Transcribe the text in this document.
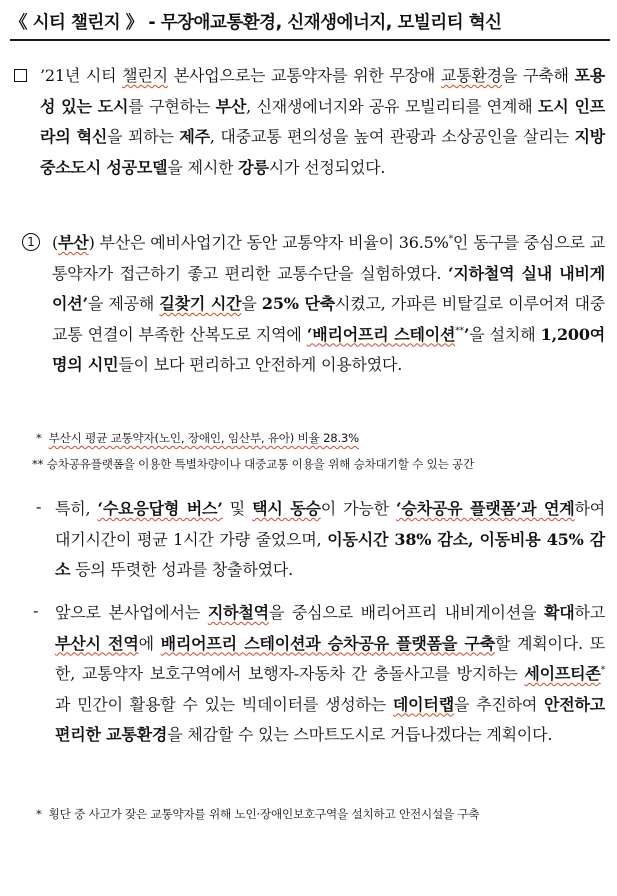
《 시티 챌린지 》 - 무장애교통환경, 신재생에너지, 모빌리티 혁신
’21년 시티 챌린지 본사업으로는 교통약자를 위한 무장애 교통환경을 구축해 포용성 있는 도시를 구현하는 부산, 신재생에너지와 공유 모빌리티를 연계해 도시 인프라의 혁신을 꾀하는 제주, 대중교통 편의성을 높여 관광과 소상공인을 살리는 지방중소도시 성공모델을 제시한 강릉시가 선정되었다.
1	(부산) 부산은 예비사업기간 동안 교통약자 비율이 36.5%*인 동구를 중심으로 교통약자가 접근하기 좋고 편리한 교통수단을 실험하였다. ‘지하철역 실내 내비게이션’을 제공해 길찾기 시간을 25% 단축시켰고, 가파른 비탈길로 이루어져 대중교통 연결이 부족한 산복도로 지역에 ‘배리어프리 스테이션**’을 설치해 1,200여 명의 시민들이 보다 편리하고 안전하게 이용하였다.
* 부산시 평균 교통약자(노인, 장애인, 임산부, 유아) 비율 28.3%
** 승차공유플랫폼을 이용한 특별차량이나 대중교통 이용을 위해 승차대기할 수 있는 공간
- 특히, ‘수요응답형 버스’ 및 택시 동승이 가능한 ‘승차공유 플랫폼’과 연계하여 대기시간이 평균 1시간 가량 줄었으며, 이동시간 38% 감소, 이동비용 45% 감소 등의 뚜렷한 성과를 창출하였다.
- 앞으로 본사업에서는 지하철역을 중심으로 배리어프리 내비게이션을 확대하고 부산시 전역에 배리어프리 스테이션과 승차공유 플랫폼을 구축할 계획이다. 또한, 교통약자 보호구역에서 보행자-자동차 간 충돌사고를 방지하는 세이프티존*과 민간이 활용할 수 있는 빅데이터를 생성하는 데이터랩을 추진하여 안전하고 편리한 교통환경을 체감할 수 있는 스마트도시로 거듭나겠다는 계획이다.
* 횡단 중 사고가 잦은 교통약자를 위해 노인·장애인보호구역을 설치하고 안전시설을 구축
